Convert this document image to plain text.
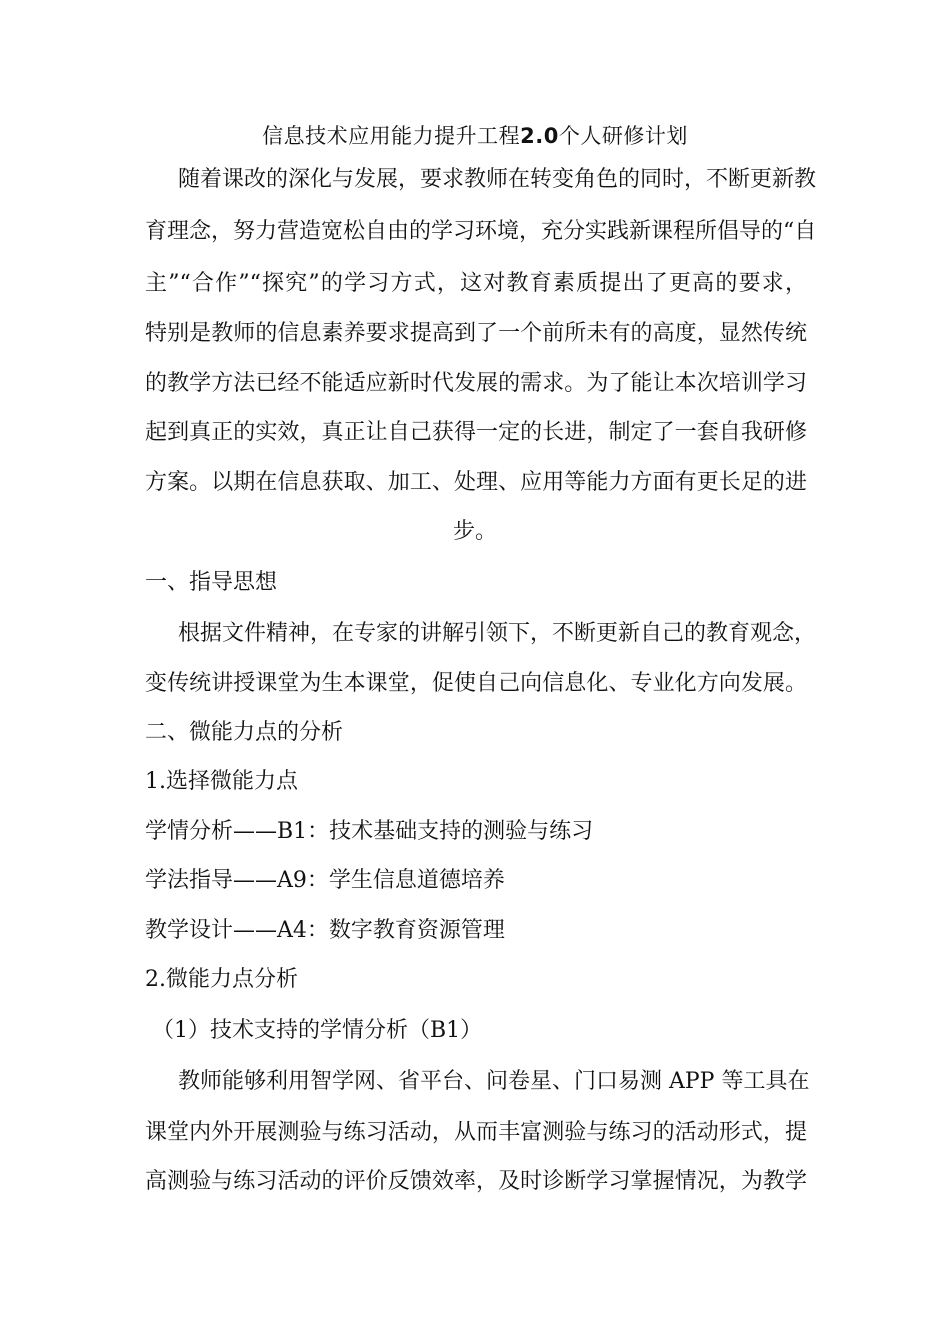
信息技术应用能力提升工程2.0个人研修计划
随着课改的深化与发展，要求教师在转变角色的同时，不断更新教
育理念，努力营造宽松自由的学习环境，充分实践新课程所倡导的“自
主”“合作”“探究”的学习方式，这对教育素质提出了更高的要求，
特别是教师的信息素养要求提高到了一个前所未有的高度，显然传统
的教学方法已经不能适应新时代发展的需求。为了能让本次培训学习
起到真正的实效，真正让自己获得一定的长进，制定了一套自我研修
方案。以期在信息获取、加工、处理、应用等能力方面有更长足的进
步。
一、指导思想
根据文件精神，在专家的讲解引领下，不断更新自己的教育观念，
变传统讲授课堂为生本课堂，促使自己向信息化、专业化方向发展。
二、微能力点的分析
1.选择微能力点
学情分析——B1：技术基础支持的测验与练习
学法指导——A9：学生信息道德培养
教学设计——A4：数字教育资源管理
2.微能力点分析
（1）技术支持的学情分析（B1）
教师能够利用智学网、省平台、问卷星、门口易测 APP 等工具在
课堂内外开展测验与练习活动，从而丰富测验与练习的活动形式，提
高测验与练习活动的评价反馈效率，及时诊断学习掌握情况，为教学
